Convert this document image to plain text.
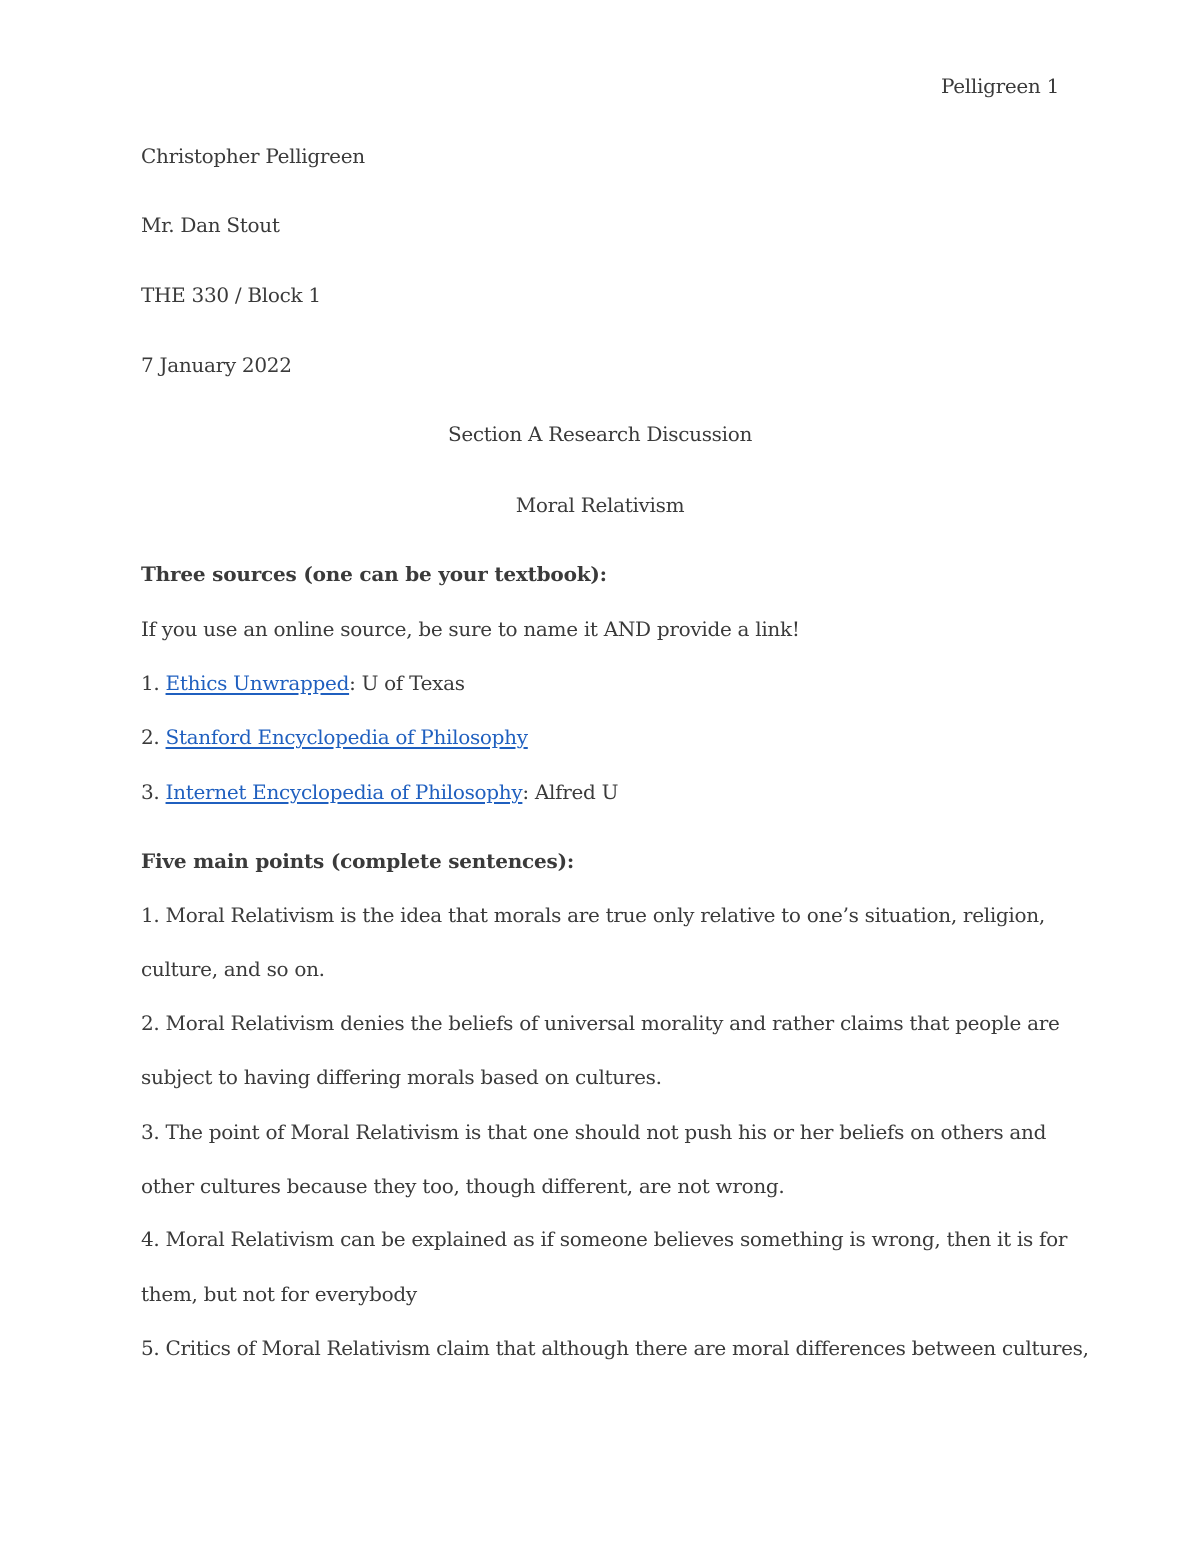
Pelligreen 1
Christopher Pelligreen
Mr. Dan Stout
THE 330 / Block 1
7 January 2022
Section A Research Discussion
Moral Relativism
Three sources (one can be your textbook):
If you use an online source, be sure to name it AND provide a link!
1. Ethics Unwrapped: U of Texas
2. Stanford Encyclopedia of Philosophy
3. Internet Encyclopedia of Philosophy: Alfred U
Five main points (complete sentences):
1. Moral Relativism is the idea that morals are true only relative to one’s situation, religion,
culture, and so on.
2. Moral Relativism denies the beliefs of universal morality and rather claims that people are
subject to having differing morals based on cultures.
3. The point of Moral Relativism is that one should not push his or her beliefs on others and
other cultures because they too, though different, are not wrong.
4. Moral Relativism can be explained as if someone believes something is wrong, then it is for
them, but not for everybody
5. Critics of Moral Relativism claim that although there are moral differences between cultures,
